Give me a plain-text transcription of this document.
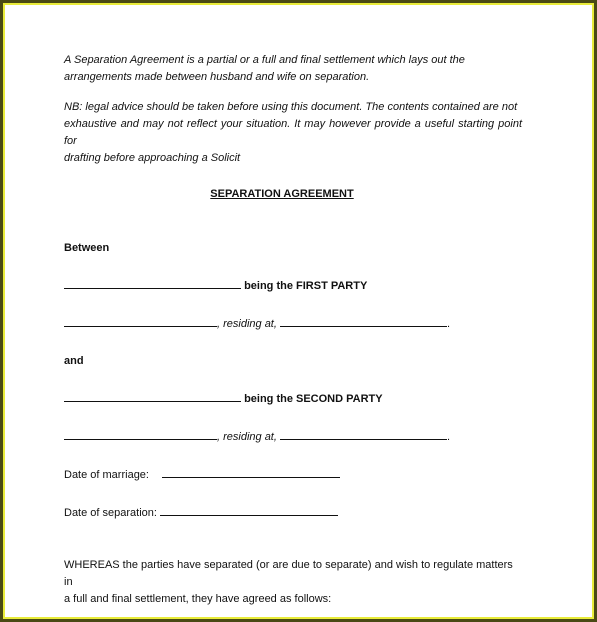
A Separation Agreement is a partial or a full and final settlement which lays out the
arrangements made between husband and wife on separation.

NB: legal advice should be taken before using this document. The contents contained are not
exhaustive and may not reflect your situation. It may however provide a useful starting point for
drafting before approaching a Solicit

SEPARATION AGREEMENT

Between

being the FIRST PARTY

, residing at,	.

and

being the SECOND PARTY

, residing at,	.

Date of marriage:

Date of separation:

WHEREAS the parties have separated (or are due to separate) and wish to regulate matters in
a full and final settlement, they have agreed as follows:
